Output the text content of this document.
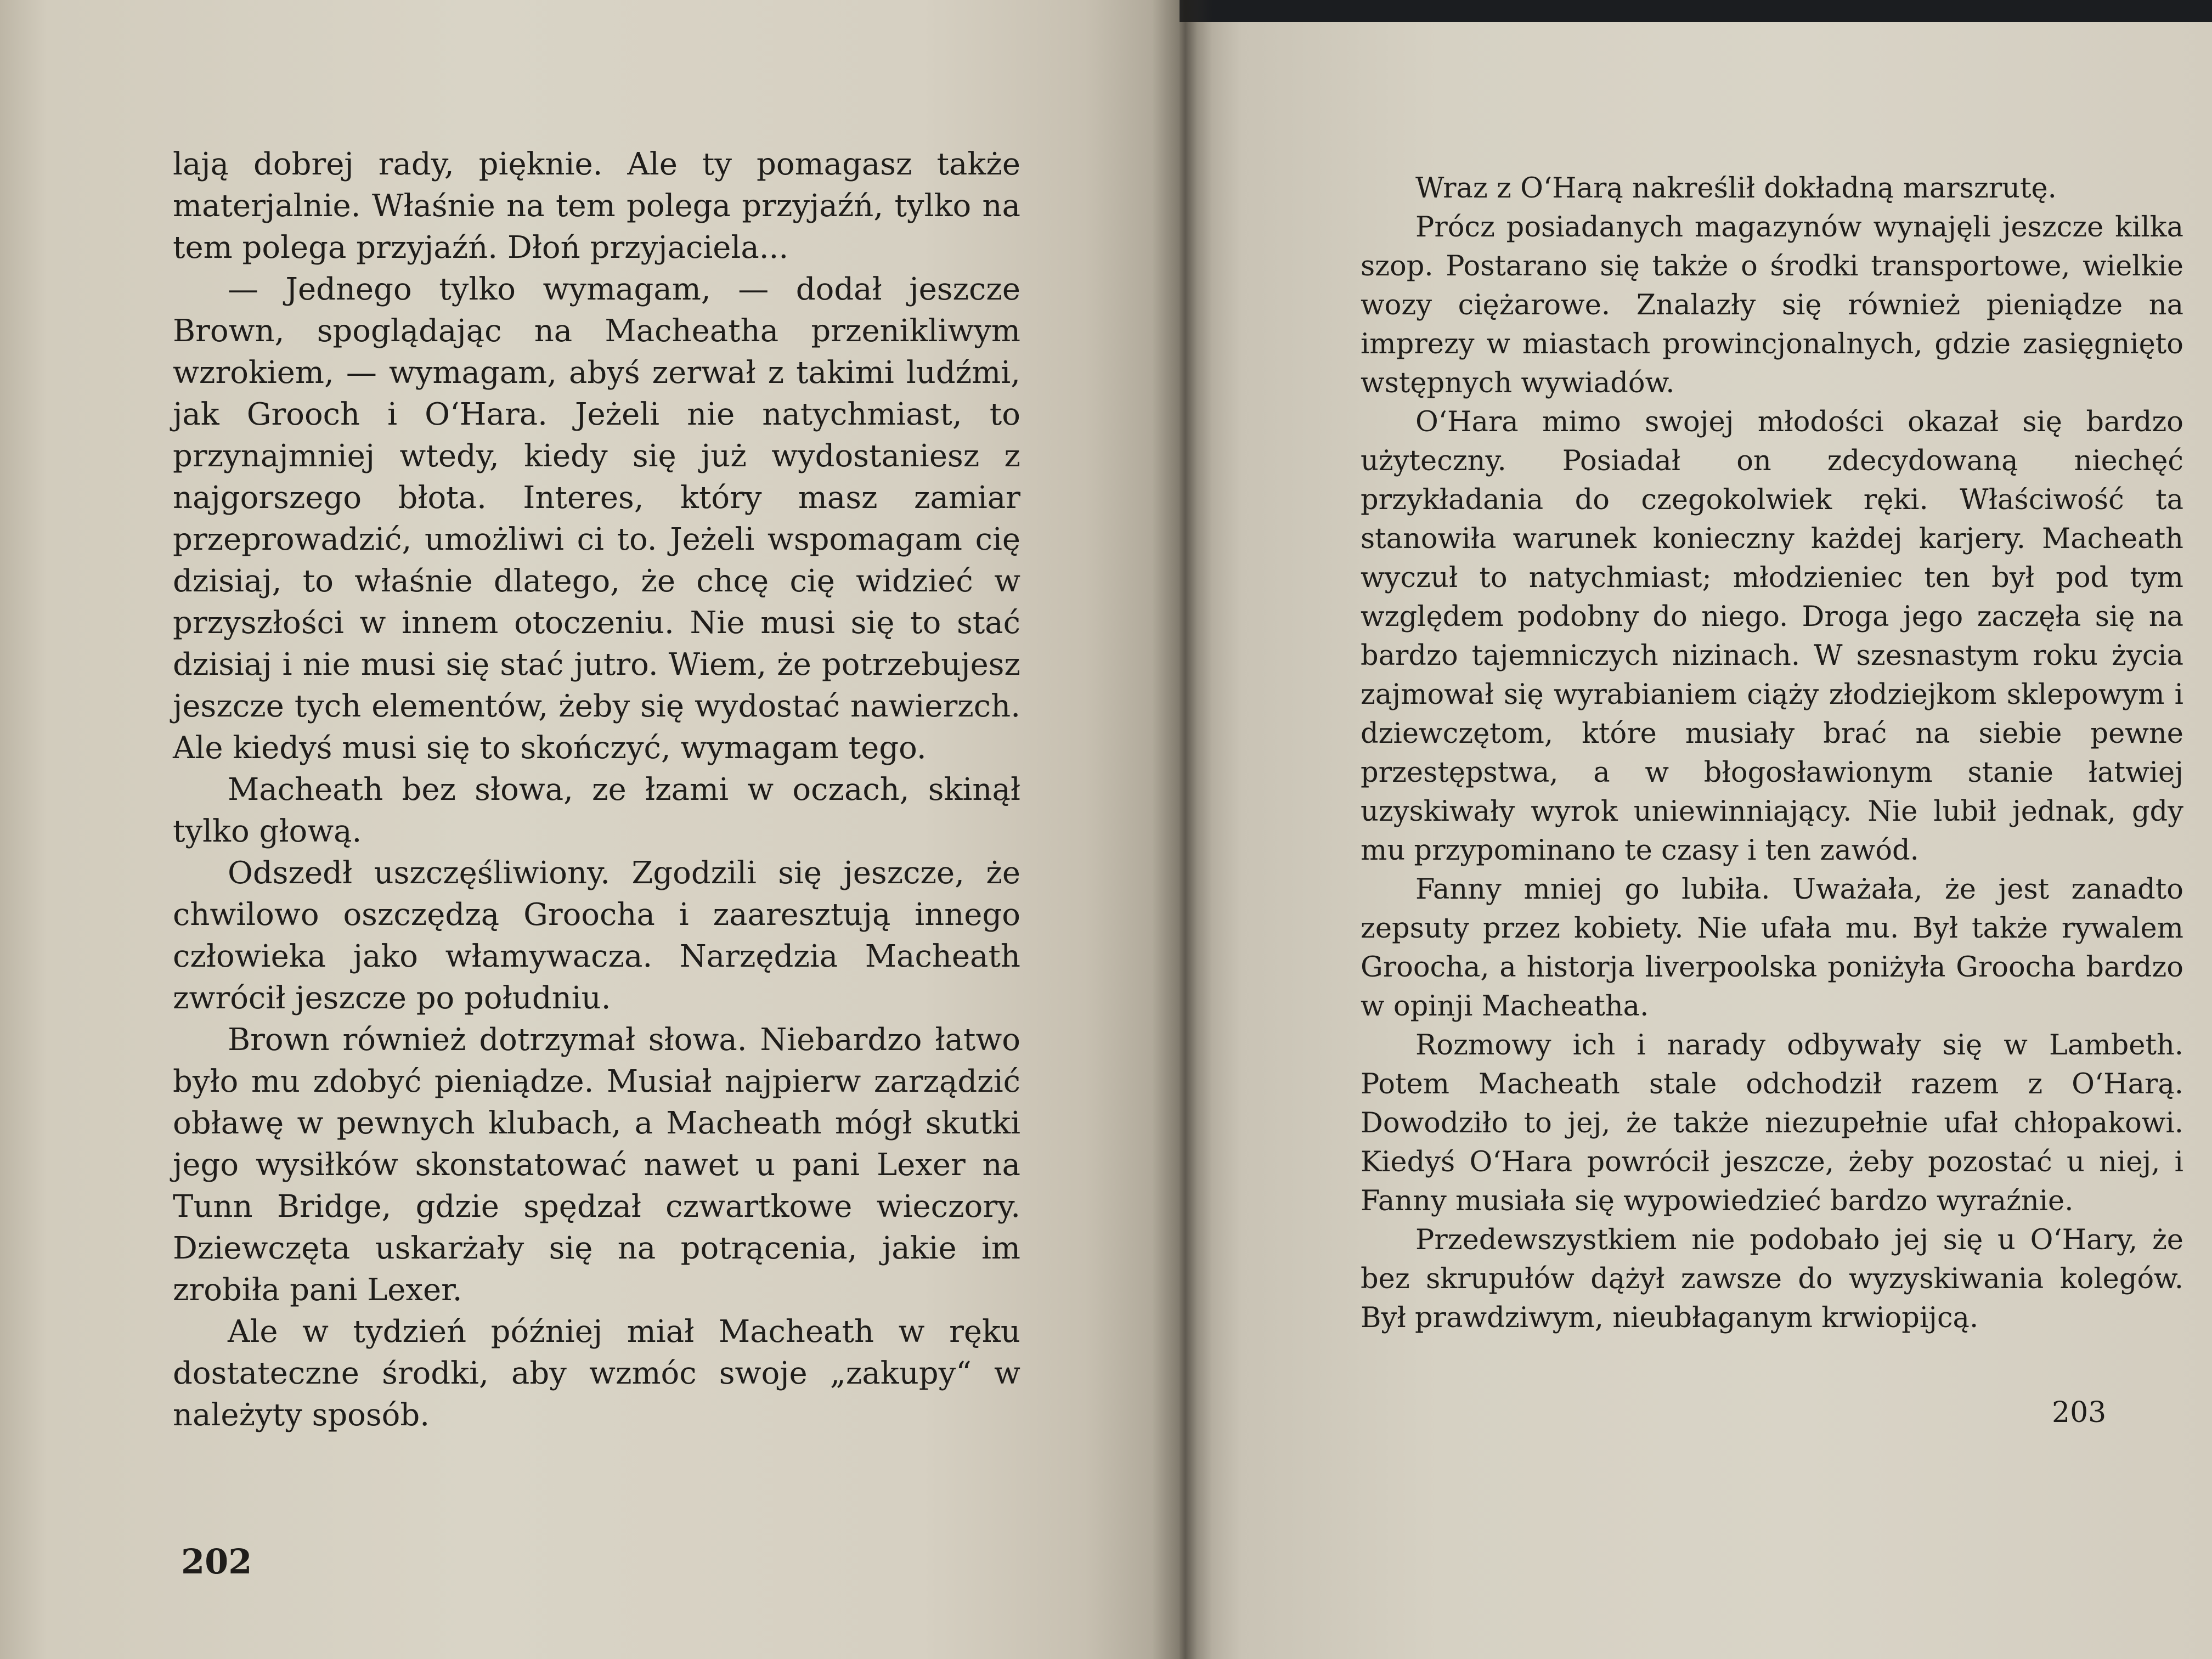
lają dobrej rady, pięknie. Ale ty pomagasz także materjalnie. Właśnie na tem polega przyjaźń, tylko na tem polega przyjaźń. Dłoń przyjaciela...

— Jednego tylko wymagam, — dodał jeszcze Brown, spoglądając na Macheatha przenikliwym wzrokiem, — wymagam, abyś zerwał z takimi ludźmi, jak Grooch i O‘Hara. Jeżeli nie natychmiast, to przynajmniej wtedy, kiedy się już wydostaniesz z najgorszego błota. Interes, który masz zamiar przeprowadzić, umożliwi ci to. Jeżeli wspomagam cię dzisiaj, to właśnie dlatego, że chcę cię widzieć w przyszłości w innem otoczeniu. Nie musi się to stać dzisiaj i nie musi się stać jutro. Wiem, że potrzebujesz jeszcze tych elementów, żeby się wydostać nawierzch. Ale kiedyś musi się to skończyć, wymagam tego.

Macheath bez słowa, ze łzami w oczach, skinął tylko głową.

Odszedł uszczęśliwiony. Zgodzili się jeszcze, że chwilowo oszczędzą Groocha i zaaresztują innego człowieka jako włamywacza. Narzędzia Macheath zwrócił jeszcze po południu.

Brown również dotrzymał słowa. Niebardzo łatwo było mu zdobyć pieniądze. Musiał najpierw zarządzić obławę w pewnych klubach, a Macheath mógł skutki jego wysiłków skonstatować nawet u pani Lexer na Tunn Bridge, gdzie spędzał czwartkowe wieczory. Dziewczęta uskarżały się na potrącenia, jakie im zrobiła pani Lexer.

Ale w tydzień później miał Macheath w ręku dostateczne środki, aby wzmóc swoje „zakupy“ w należyty sposób.

202

Wraz z O‘Harą nakreślił dokładną marszrutę.

Prócz posiadanych magazynów wynajęli jeszcze kilka szop. Postarano się także o środki transportowe, wielkie wozy ciężarowe. Znalazły się również pieniądze na imprezy w miastach prowincjonalnych, gdzie zasięgnięto wstępnych wywiadów.

O‘Hara mimo swojej młodości okazał się bardzo użyteczny. Posiadał on zdecydowaną niechęć przykładania do czegokolwiek ręki. Właściwość ta stanowiła warunek konieczny każdej karjery. Macheath wyczuł to natychmiast; młodzieniec ten był pod tym względem podobny do niego. Droga jego zaczęła się na bardzo tajemniczych nizinach. W szesnastym roku życia zajmował się wyrabianiem ciąży złodziejkom sklepowym i dziewczętom, które musiały brać na siebie pewne przestępstwa, a w błogosławionym stanie łatwiej uzyskiwały wyrok uniewinniający. Nie lubił jednak, gdy mu przypominano te czasy i ten zawód.

Fanny mniej go lubiła. Uważała, że jest zanadto zepsuty przez kobiety. Nie ufała mu. Był także rywalem Groocha, a historja liverpoolska poniżyła Groocha bardzo w opinji Macheatha.

Rozmowy ich i narady odbywały się w Lambeth. Potem Macheath stale odchodził razem z O‘Harą. Dowodziło to jej, że także niezupełnie ufał chłopakowi. Kiedyś O‘Hara powrócił jeszcze, żeby pozostać u niej, i Fanny musiała się wypowiedzieć bardzo wyraźnie.

Przedewszystkiem nie podobało jej się u O‘Hary, że bez skrupułów dążył zawsze do wyzyskiwania kolegów. Był prawdziwym, nieubłaganym krwiopijcą.

203
